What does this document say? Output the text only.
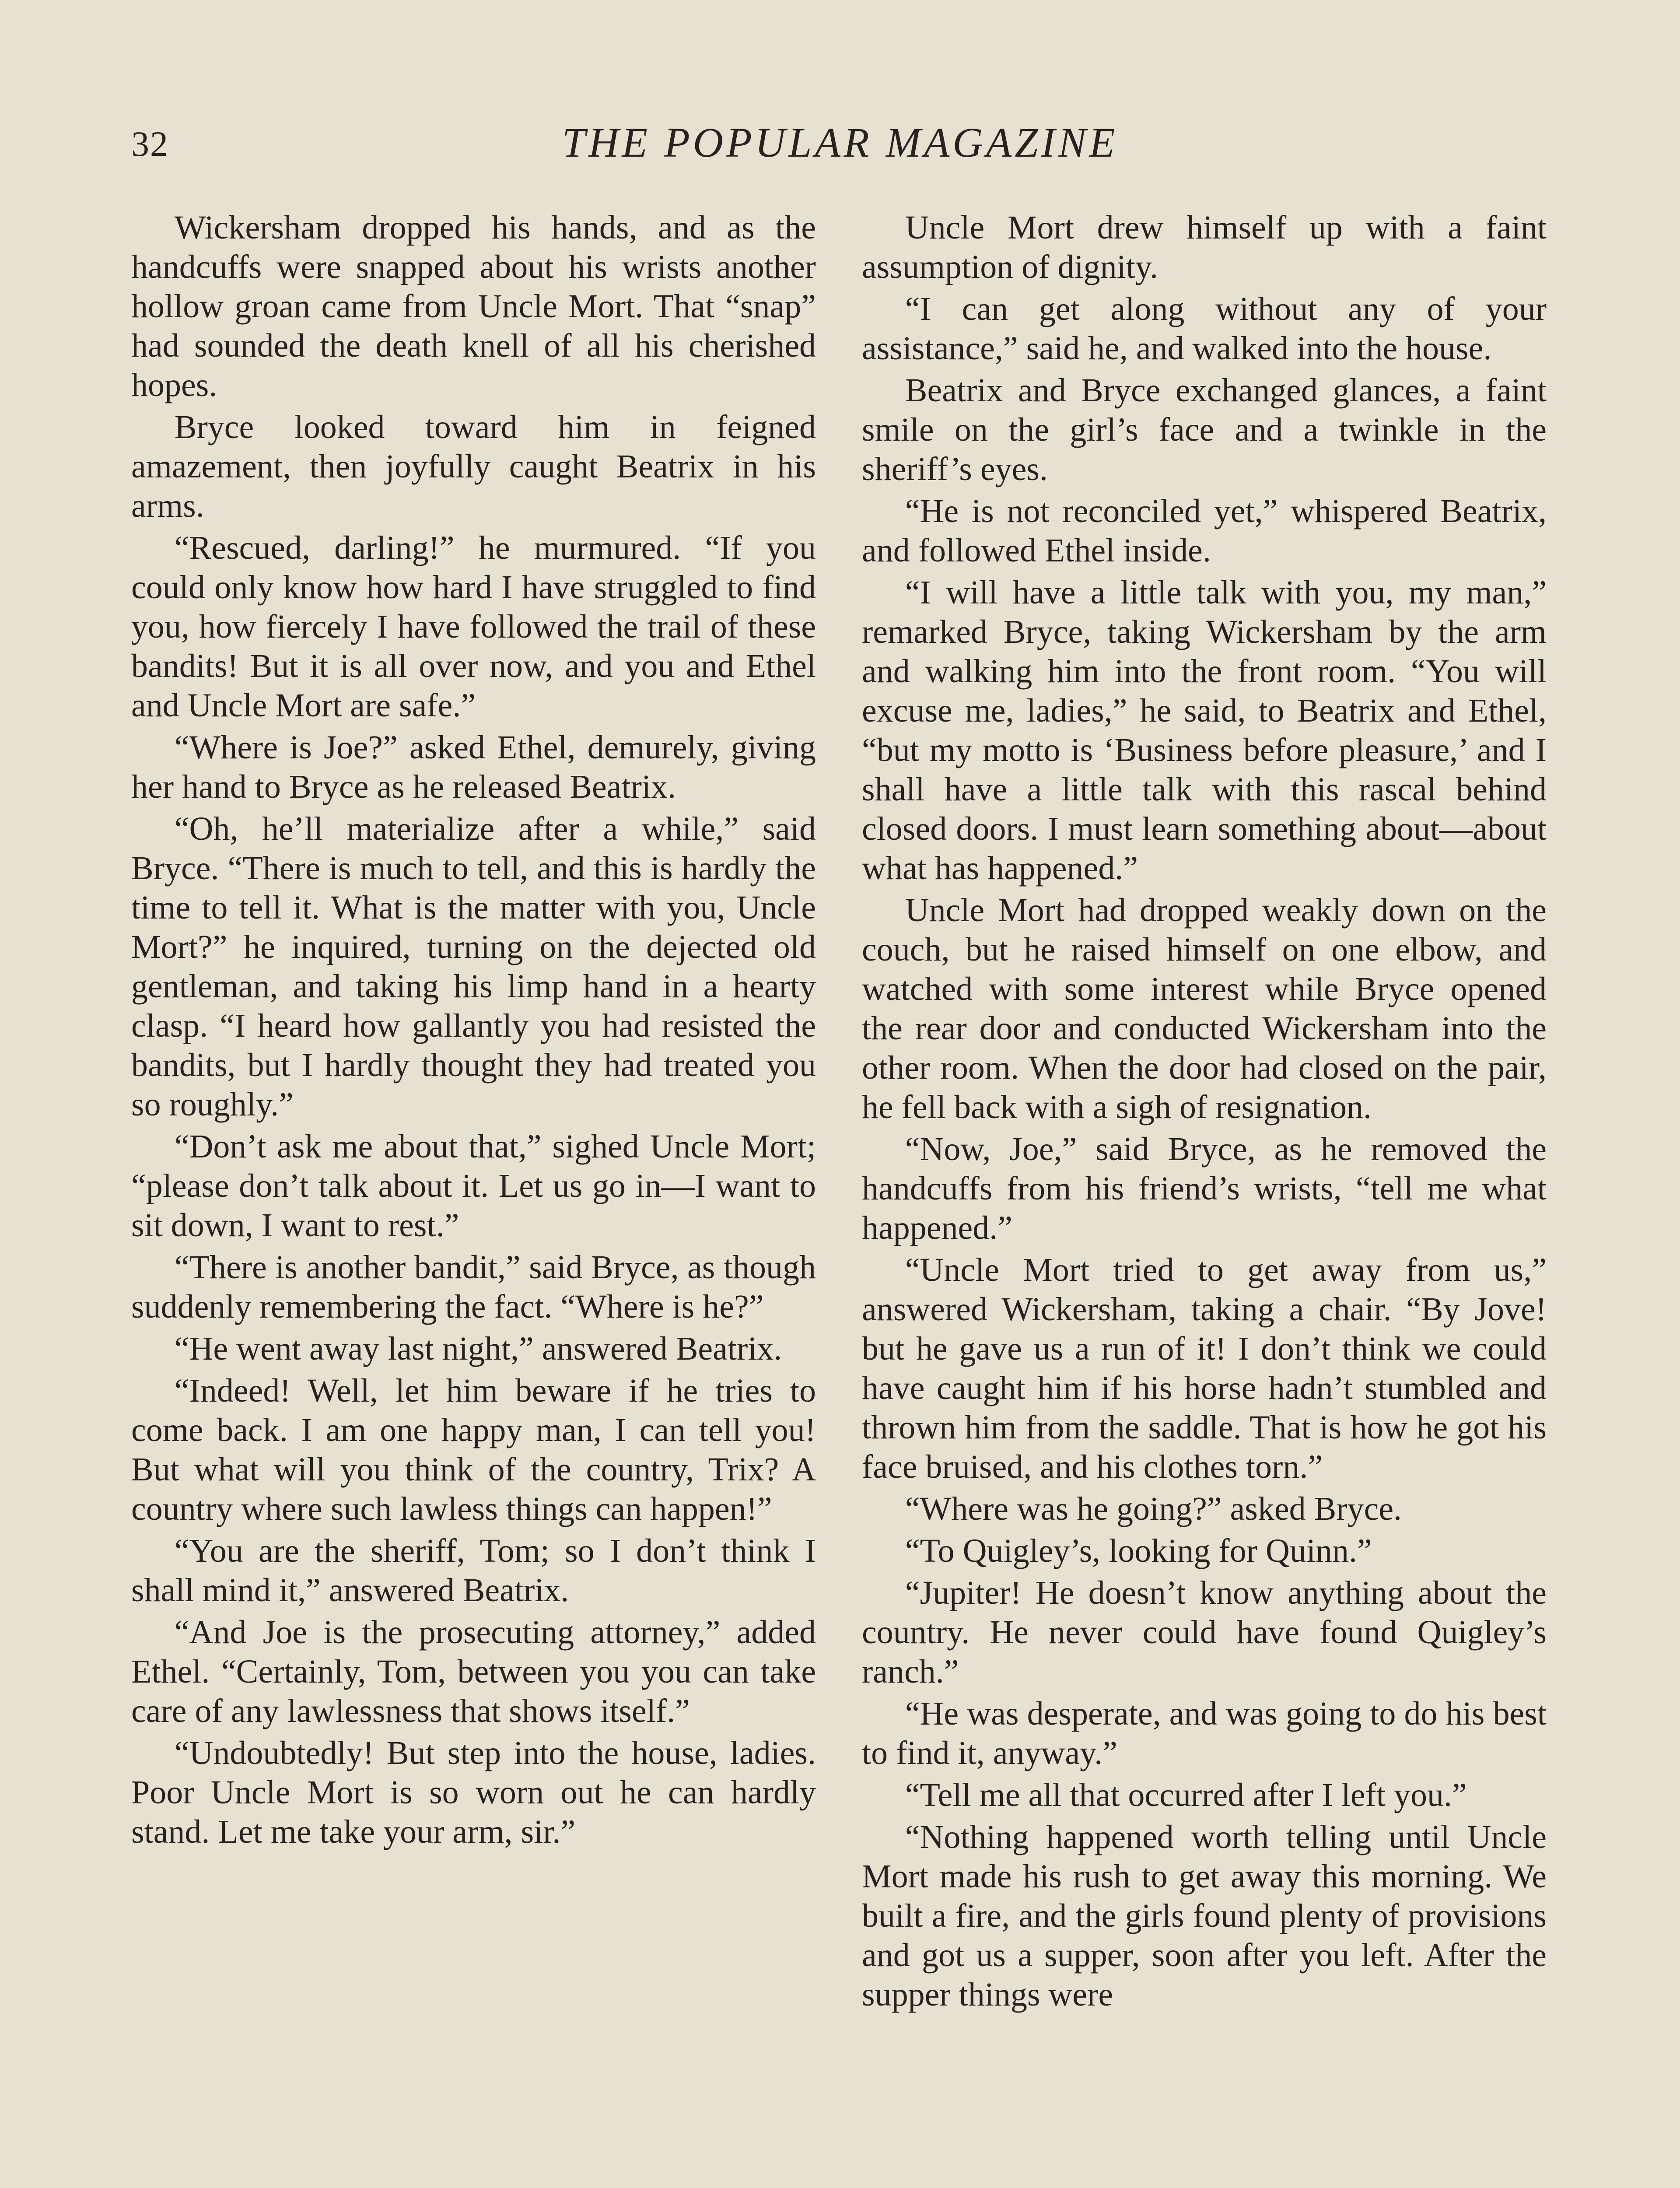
32	THE POPULAR MAGAZINE

Wickersham dropped his hands, and as the handcuffs were snapped about his wrists another hollow groan came from Uncle Mort. That “snap” had sounded the death knell of all his cherished hopes.

Bryce looked toward him in feigned amazement, then joyfully caught Beatrix in his arms.

“Rescued, darling!” he murmured. “If you could only know how hard I have struggled to find you, how fiercely I have followed the trail of these bandits! But it is all over now, and you and Ethel and Uncle Mort are safe.”

“Where is Joe?” asked Ethel, demurely, giving her hand to Bryce as he released Beatrix.

“Oh, he’ll materialize after a while,” said Bryce. “There is much to tell, and this is hardly the time to tell it. What is the matter with you, Uncle Mort?” he inquired, turning on the dejected old gentleman, and taking his limp hand in a hearty clasp. “I heard how gallantly you had resisted the bandits, but I hardly thought they had treated you so roughly.”

“Don’t ask me about that,” sighed Uncle Mort; “please don’t talk about it. Let us go in—I want to sit down, I want to rest.”

“There is another bandit,” said Bryce, as though suddenly remembering the fact. “Where is he?”

“He went away last night,” answered Beatrix.

“Indeed! Well, let him beware if he tries to come back. I am one happy man, I can tell you! But what will you think of the country, Trix? A country where such lawless things can happen!”

“You are the sheriff, Tom; so I don’t think I shall mind it,” answered Beatrix.

“And Joe is the prosecuting attorney,” added Ethel. “Certainly, Tom, between you you can take care of any lawlessness that shows itself.”

“Undoubtedly! But step into the house, ladies. Poor Uncle Mort is so worn out he can hardly stand. Let me take your arm, sir.”

Uncle Mort drew himself up with a faint assumption of dignity.

“I can get along without any of your assistance,” said he, and walked into the house.

Beatrix and Bryce exchanged glances, a faint smile on the girl’s face and a twinkle in the sheriff’s eyes.

“He is not reconciled yet,” whispered Beatrix, and followed Ethel inside.

“I will have a little talk with you, my man,” remarked Bryce, taking Wickersham by the arm and walking him into the front room. “You will excuse me, ladies,” he said, to Beatrix and Ethel, “but my motto is ‘Business before pleasure,’ and I shall have a little talk with this rascal behind closed doors. I must learn something about—about what has happened.”

Uncle Mort had dropped weakly down on the couch, but he raised himself on one elbow, and watched with some interest while Bryce opened the rear door and conducted Wickersham into the other room. When the door had closed on the pair, he fell back with a sigh of resignation.

“Now, Joe,” said Bryce, as he removed the handcuffs from his friend’s wrists, “tell me what happened.”

“Uncle Mort tried to get away from us,” answered Wickersham, taking a chair. “By Jove! but he gave us a run of it! I don’t think we could have caught him if his horse hadn’t stumbled and thrown him from the saddle. That is how he got his face bruised, and his clothes torn.”

“Where was he going?” asked Bryce.

“To Quigley’s, looking for Quinn.”

“Jupiter! He doesn’t know anything about the country. He never could have found Quigley’s ranch.”

“He was desperate, and was going to do his best to find it, anyway.”

“Tell me all that occurred after I left you.”

“Nothing happened worth telling until Uncle Mort made his rush to get away this morning. We built a fire, and the girls found plenty of provisions and got us a supper, soon after you left. After the supper things were
